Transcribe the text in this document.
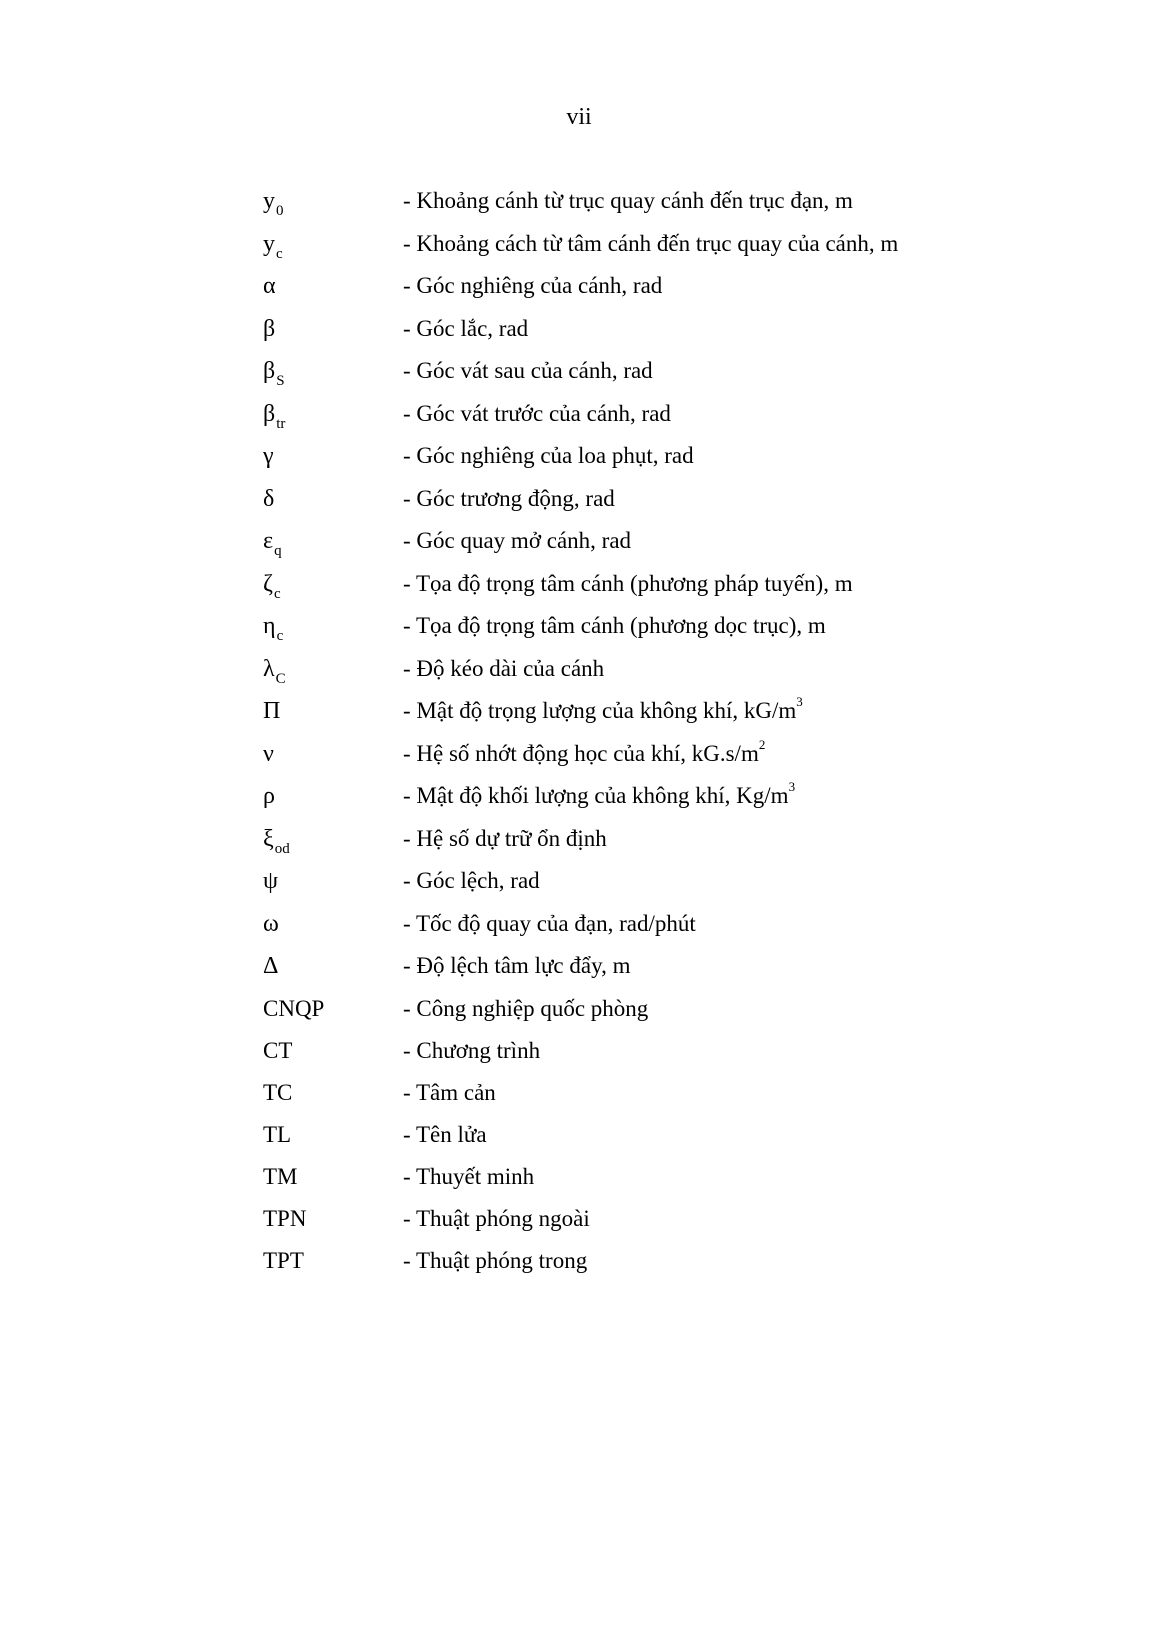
vii
$y_0$	- Khoảng cánh từ trục quay cánh đến trục đạn, m
$y_c$	- Khoảng cách từ tâm cánh đến trục quay của cánh, m
α	- Góc nghiêng của cánh, rad
β	- Góc lắc, rad
$\beta_S$	- Góc vát sau của cánh, rad
$\beta_{tr}$	- Góc vát trước của cánh, rad
γ	- Góc nghiêng của loa phụt, rad
δ	- Góc trương động, rad
$\varepsilon_q$	- Góc quay mở cánh, rad
$\zeta_c$	- Tọa độ trọng tâm cánh (phương pháp tuyến), m
$\eta_c$	- Tọa độ trọng tâm cánh (phương dọc trục), m
$\lambda_C$	- Độ kéo dài của cánh
Π	- Mật độ trọng lượng của không khí, $kG/m^3$
ν	- Hệ số nhớt động học của khí, $kG.s/m^2$
ρ	- Mật độ khối lượng của không khí, $Kg/m^3$
$\xi_{od}$	- Hệ số dự trữ ổn định
ψ	- Góc lệch, rad
ω	- Tốc độ quay của đạn, rad/phút
Δ	- Độ lệch tâm lực đẩy, m
CNQP	- Công nghiệp quốc phòng
CT	- Chương trình
TC	- Tâm cản
TL	- Tên lửa
TM	- Thuyết minh
TPN	- Thuật phóng ngoài
TPT	- Thuật phóng trong
